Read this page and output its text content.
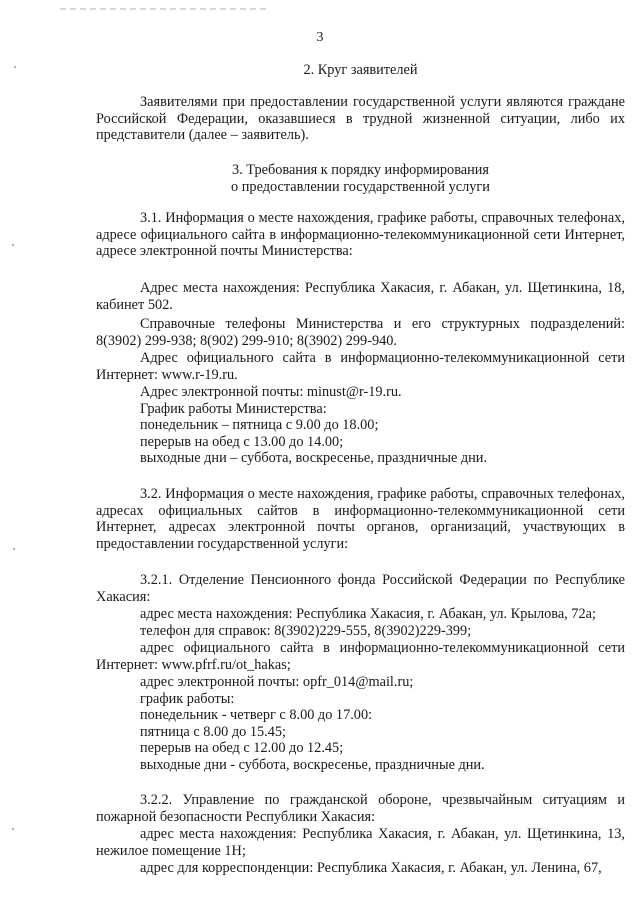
3
2. Круг заявителей
Заявителями при предоставлении государственной услуги являются граждане Российской Федерации, оказавшиеся в трудной жизненной ситуации, либо их представители (далее – заявитель).
3. Требования к порядку информирования
о предоставлении государственной услуги
3.1. Информация о месте нахождения, графике работы, справочных телефонах, адресе официального сайта в информационно-телекоммуникационной сети Интернет, адресе электронной почты Министерства:
Адрес места нахождения: Республика Хакасия, г. Абакан, ул. Щетинкина, 18, кабинет 502.
Справочные телефоны Министерства и его структурных подразделений: 8(3902) 299-938; 8(902) 299-910; 8(3902) 299-940.
Адрес официального сайта в информационно-телекоммуникационной сети Интернет: www.r-19.ru.
Адрес электронной почты: minust@r-19.ru.
График работы Министерства:
понедельник – пятница с 9.00 до 18.00;
перерыв на обед с 13.00 до 14.00;
выходные дни – суббота, воскресенье, праздничные дни.
3.2. Информация о месте нахождения, графике работы, справочных телефонах, адресах официальных сайтов в информационно-телекоммуникационной сети Интернет, адресах электронной почты органов, организаций, участвующих в предоставлении государственной услуги:
3.2.1. Отделение Пенсионного фонда Российской Федерации по Республике Хакасия:
адрес места нахождения: Республика Хакасия, г. Абакан, ул. Крылова, 72а;
телефон для справок: 8(3902)229-555, 8(3902)229-399;
адрес официального сайта в информационно-телекоммуникационной сети Интернет: www.pfrf.ru/ot_hakas;
адрес электронной почты: opfr_014@mail.ru;
график работы:
понедельник - четверг с 8.00 до 17.00:
пятница с 8.00 до 15.45;
перерыв на обед с 12.00 до 12.45;
выходные дни - суббота, воскресенье, праздничные дни.
3.2.2. Управление по гражданской обороне, чрезвычайным ситуациям и пожарной безопасности Республики Хакасия:
адрес места нахождения: Республика Хакасия, г. Абакан, ул. Щетинкина, 13, нежилое помещение 1Н;
адрес для корреспонденции: Республика Хакасия, г. Абакан, ул. Ленина, 67,
